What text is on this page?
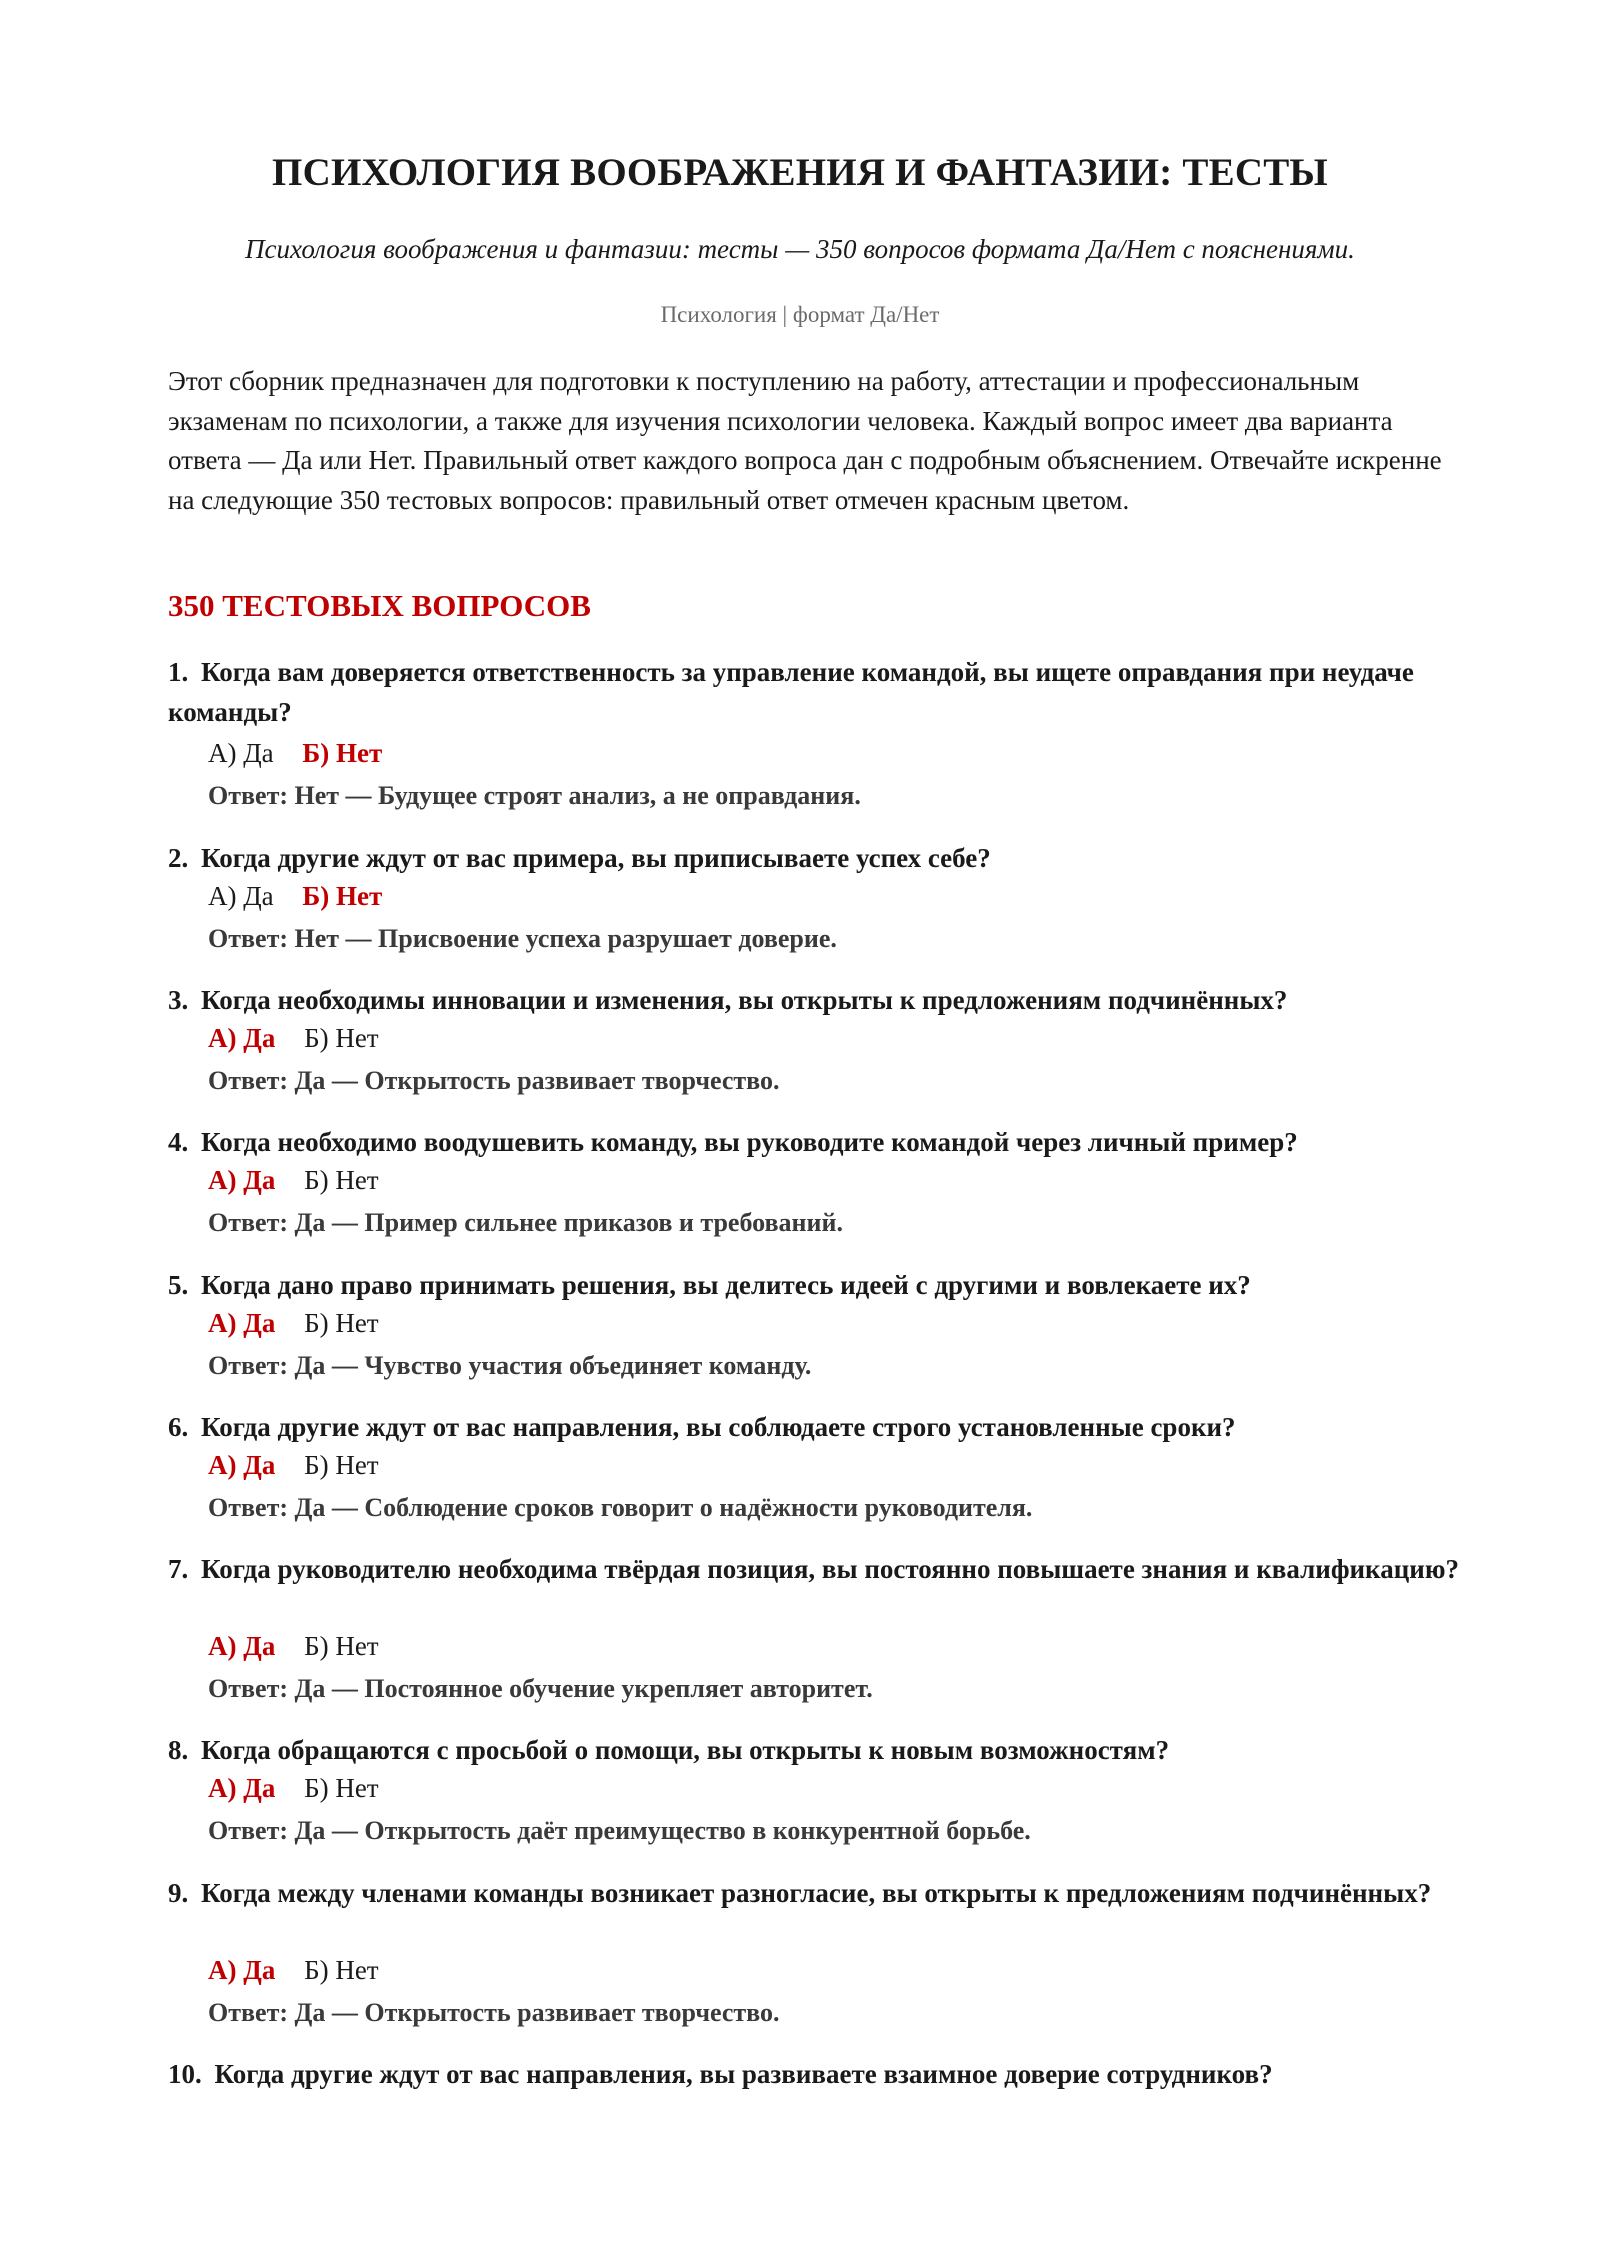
ПСИХОЛОГИЯ ВООБРАЖЕНИЯ И ФАНТАЗИИ: ТЕСТЫ
Психология воображения и фантазии: тесты — 350 вопросов формата Да/Нет с пояснениями.
Психология | формат Да/Нет
Этот сборник предназначен для подготовки к поступлению на работу, аттестации и профессиональным экзаменам по психологии, а также для изучения психологии человека. Каждый вопрос имеет два варианта ответа — Да или Нет. Правильный ответ каждого вопроса дан с подробным объяснением. Отвечайте искренне на следующие 350 тестовых вопросов: правильный ответ отмечен красным цветом.
350 ТЕСТОВЫХ ВОПРОСОВ
1. Когда вам доверяется ответственность за управление командой, вы ищете оправдания при неудаче команды?
А) Да Б) Нет
Ответ: Нет — Будущее строят анализ, а не оправдания.
2. Когда другие ждут от вас примера, вы приписываете успех себе?
А) Да Б) Нет
Ответ: Нет — Присвоение успеха разрушает доверие.
3. Когда необходимы инновации и изменения, вы открыты к предложениям подчинённых?
А) Да Б) Нет
Ответ: Да — Открытость развивает творчество.
4. Когда необходимо воодушевить команду, вы руководите командой через личный пример?
А) Да Б) Нет
Ответ: Да — Пример сильнее приказов и требований.
5. Когда дано право принимать решения, вы делитесь идеей с другими и вовлекаете их?
А) Да Б) Нет
Ответ: Да — Чувство участия объединяет команду.
6. Когда другие ждут от вас направления, вы соблюдаете строго установленные сроки?
А) Да Б) Нет
Ответ: Да — Соблюдение сроков говорит о надёжности руководителя.
7. Когда руководителю необходима твёрдая позиция, вы постоянно повышаете знания и квалификацию?
А) Да Б) Нет
Ответ: Да — Постоянное обучение укрепляет авторитет.
8. Когда обращаются с просьбой о помощи, вы открыты к новым возможностям?
А) Да Б) Нет
Ответ: Да — Открытость даёт преимущество в конкурентной борьбе.
9. Когда между членами команды возникает разногласие, вы открыты к предложениям подчинённых?
А) Да Б) Нет
Ответ: Да — Открытость развивает творчество.
10. Когда другие ждут от вас направления, вы развиваете взаимное доверие сотрудников?
